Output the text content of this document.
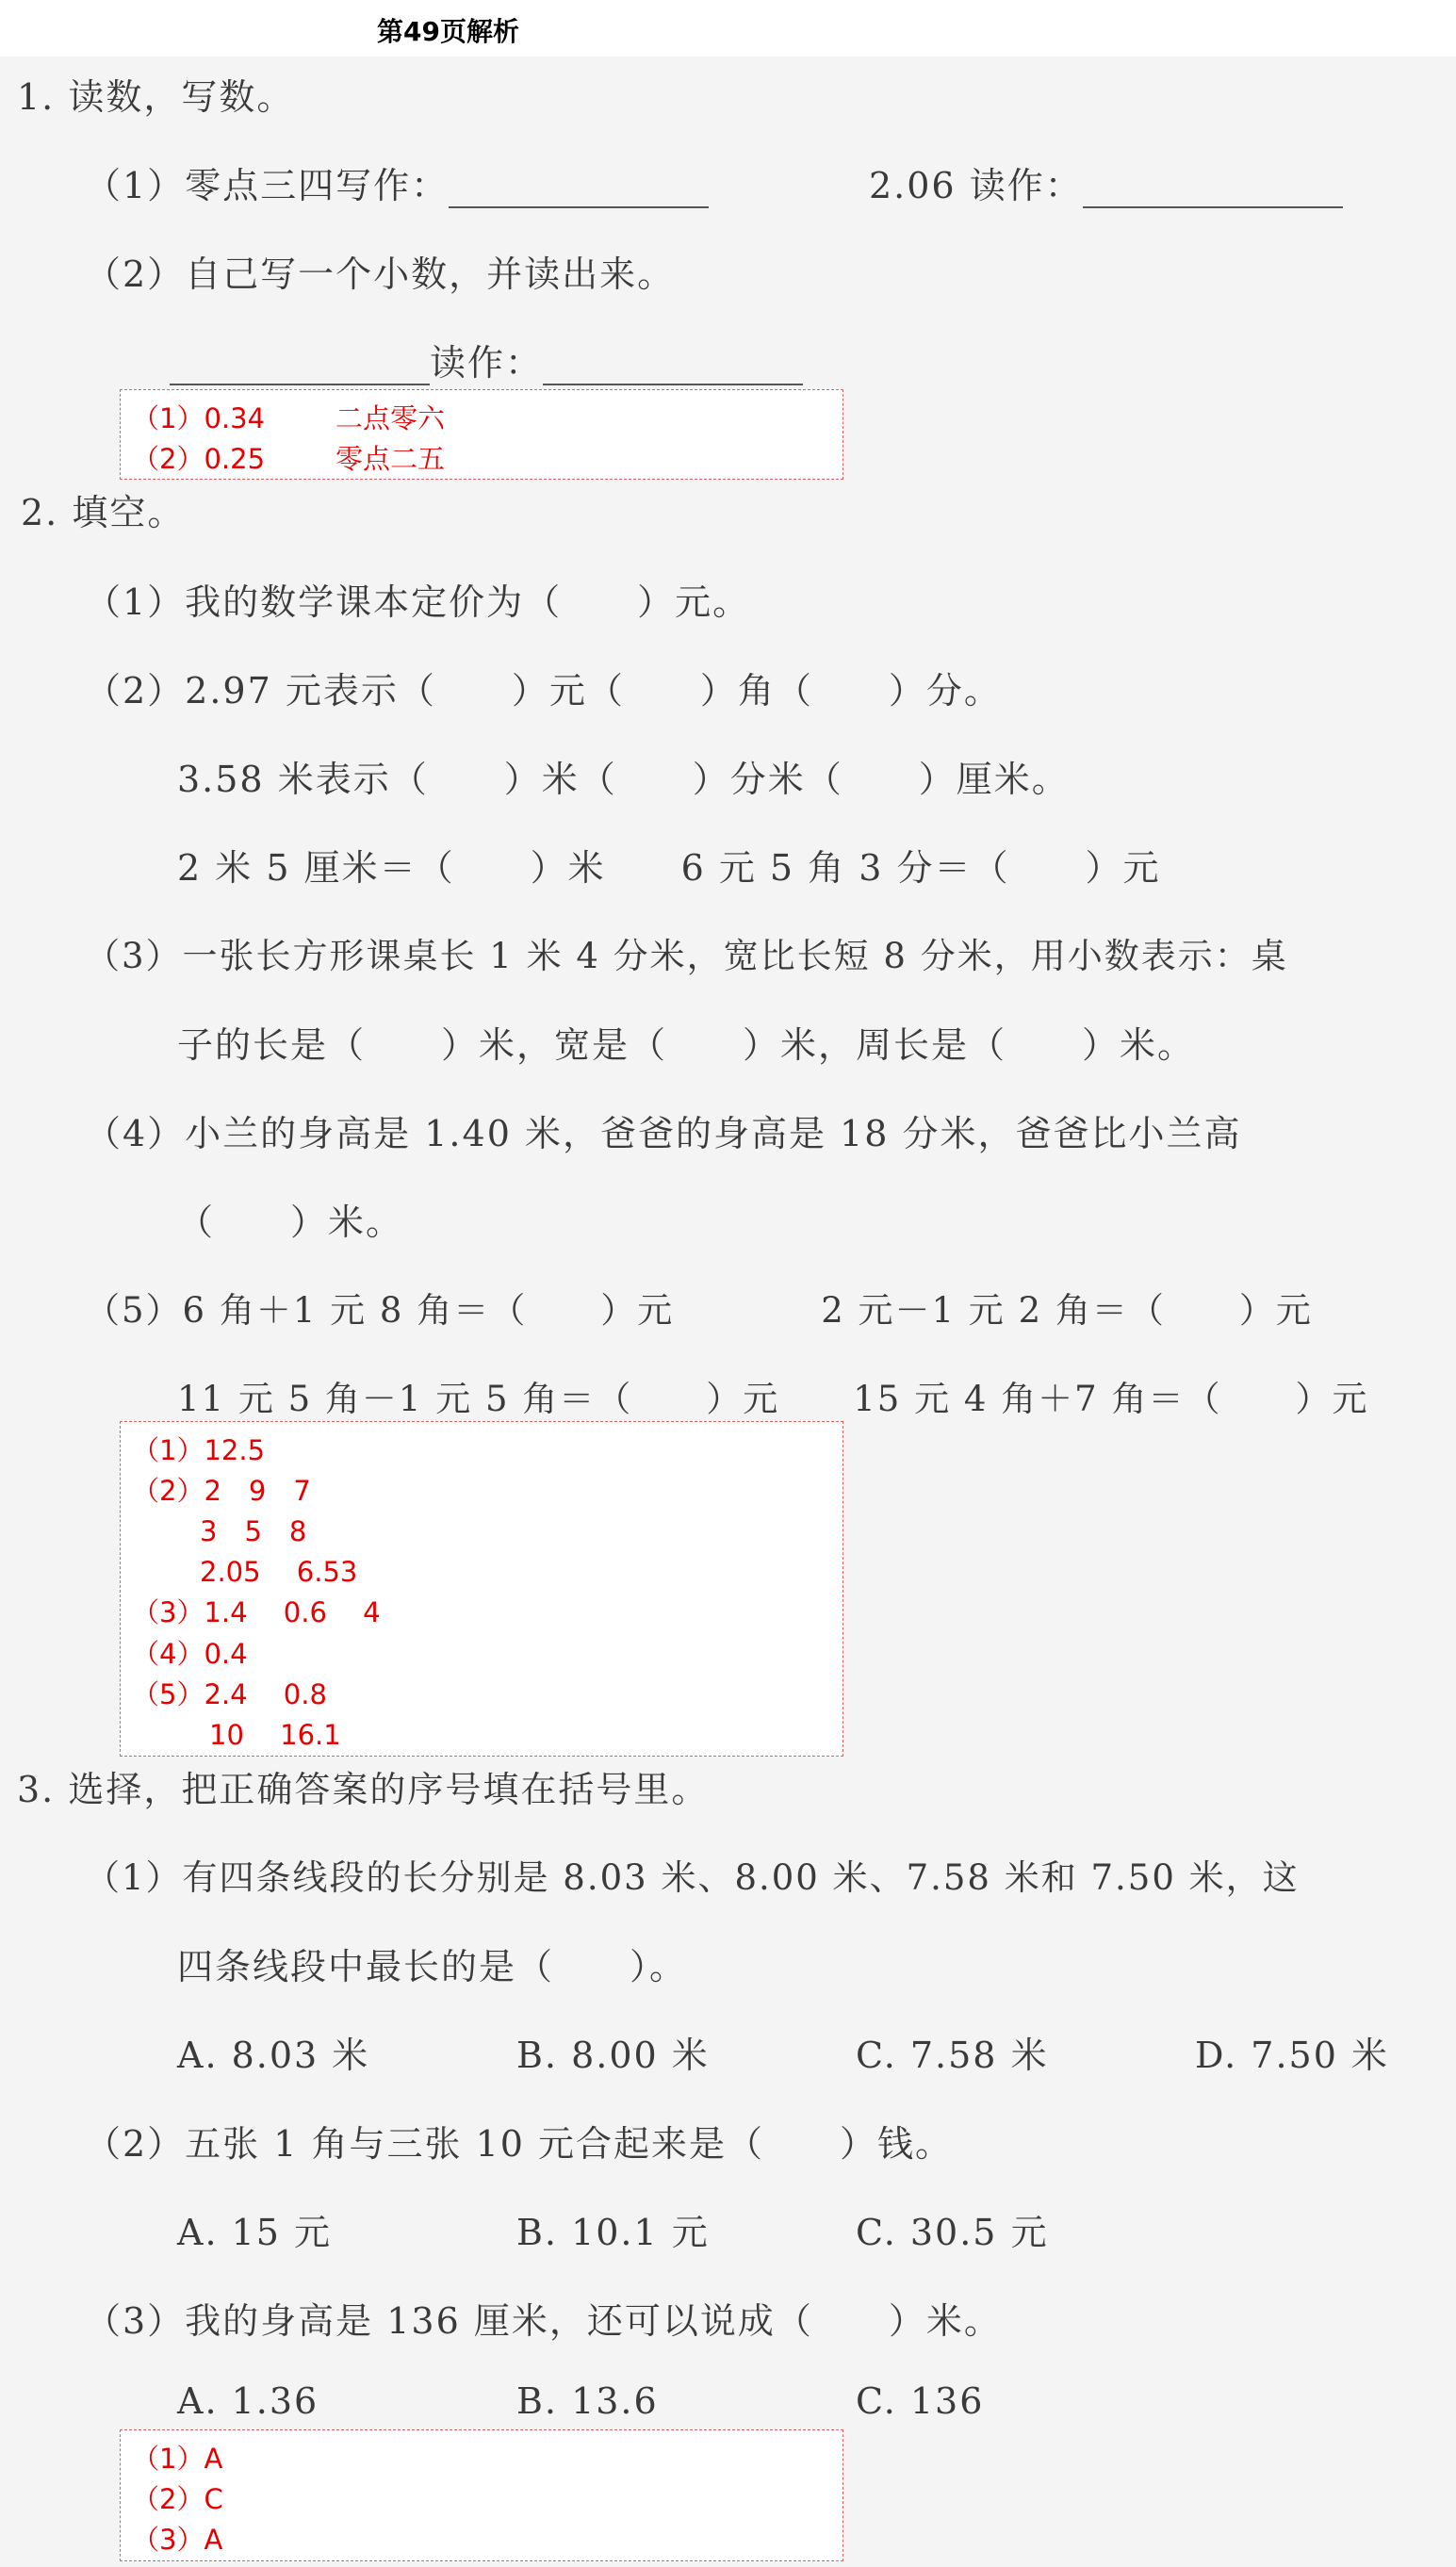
第49页解析
1. 读数，写数。
（1）零点三四写作：	2.06 读作：
（2）自己写一个小数，并读出来。
读作：
（1）0.34	二点零六
（2）0.25	零点二五
2. 填空。
（1）我的数学课本定价为（　　）元。
（2）2.97 元表示（　　）元（　　）角（　　）分。
3.58 米表示（　　）米（　　）分米（　　）厘米。
2 米 5 厘米＝（　　）米　　6 元 5 角 3 分＝（　　）元
（3）一张长方形课桌长 1 米 4 分米，宽比长短 8 分米，用小数表示：桌
子的长是（　　）米，宽是（　　）米，周长是（　　）米。
（4）小兰的身高是 1.40 米，爸爸的身高是 18 分米，爸爸比小兰高
（　　）米。
（5）6 角＋1 元 8 角＝（　　）元　　　　2 元－1 元 2 角＝（　　）元
11 元 5 角－1 元 5 角＝（　　）元　　15 元 4 角＋7 角＝（　　）元
（1）12.5
（2）2　9　7
3　5　8
2.05　 6.53
（3）1.4　 0.6　 4
（4）0.4
（5）2.4　 0.8
10　 16.1
3. 选择，把正确答案的序号填在括号里。
（1）有四条线段的长分别是 8.03 米、8.00 米、7.58 米和 7.50 米，这
四条线段中最长的是（　　）。
A. 8.03 米	B. 8.00 米	C. 7.58 米	D. 7.50 米
（2）五张 1 角与三张 10 元合起来是（　　）钱。
A. 15 元	B. 10.1 元	C. 30.5 元
（3）我的身高是 136 厘米，还可以说成（　　）米。
A. 1.36	B. 13.6	C. 136
（1）A
（2）C
（3）A
